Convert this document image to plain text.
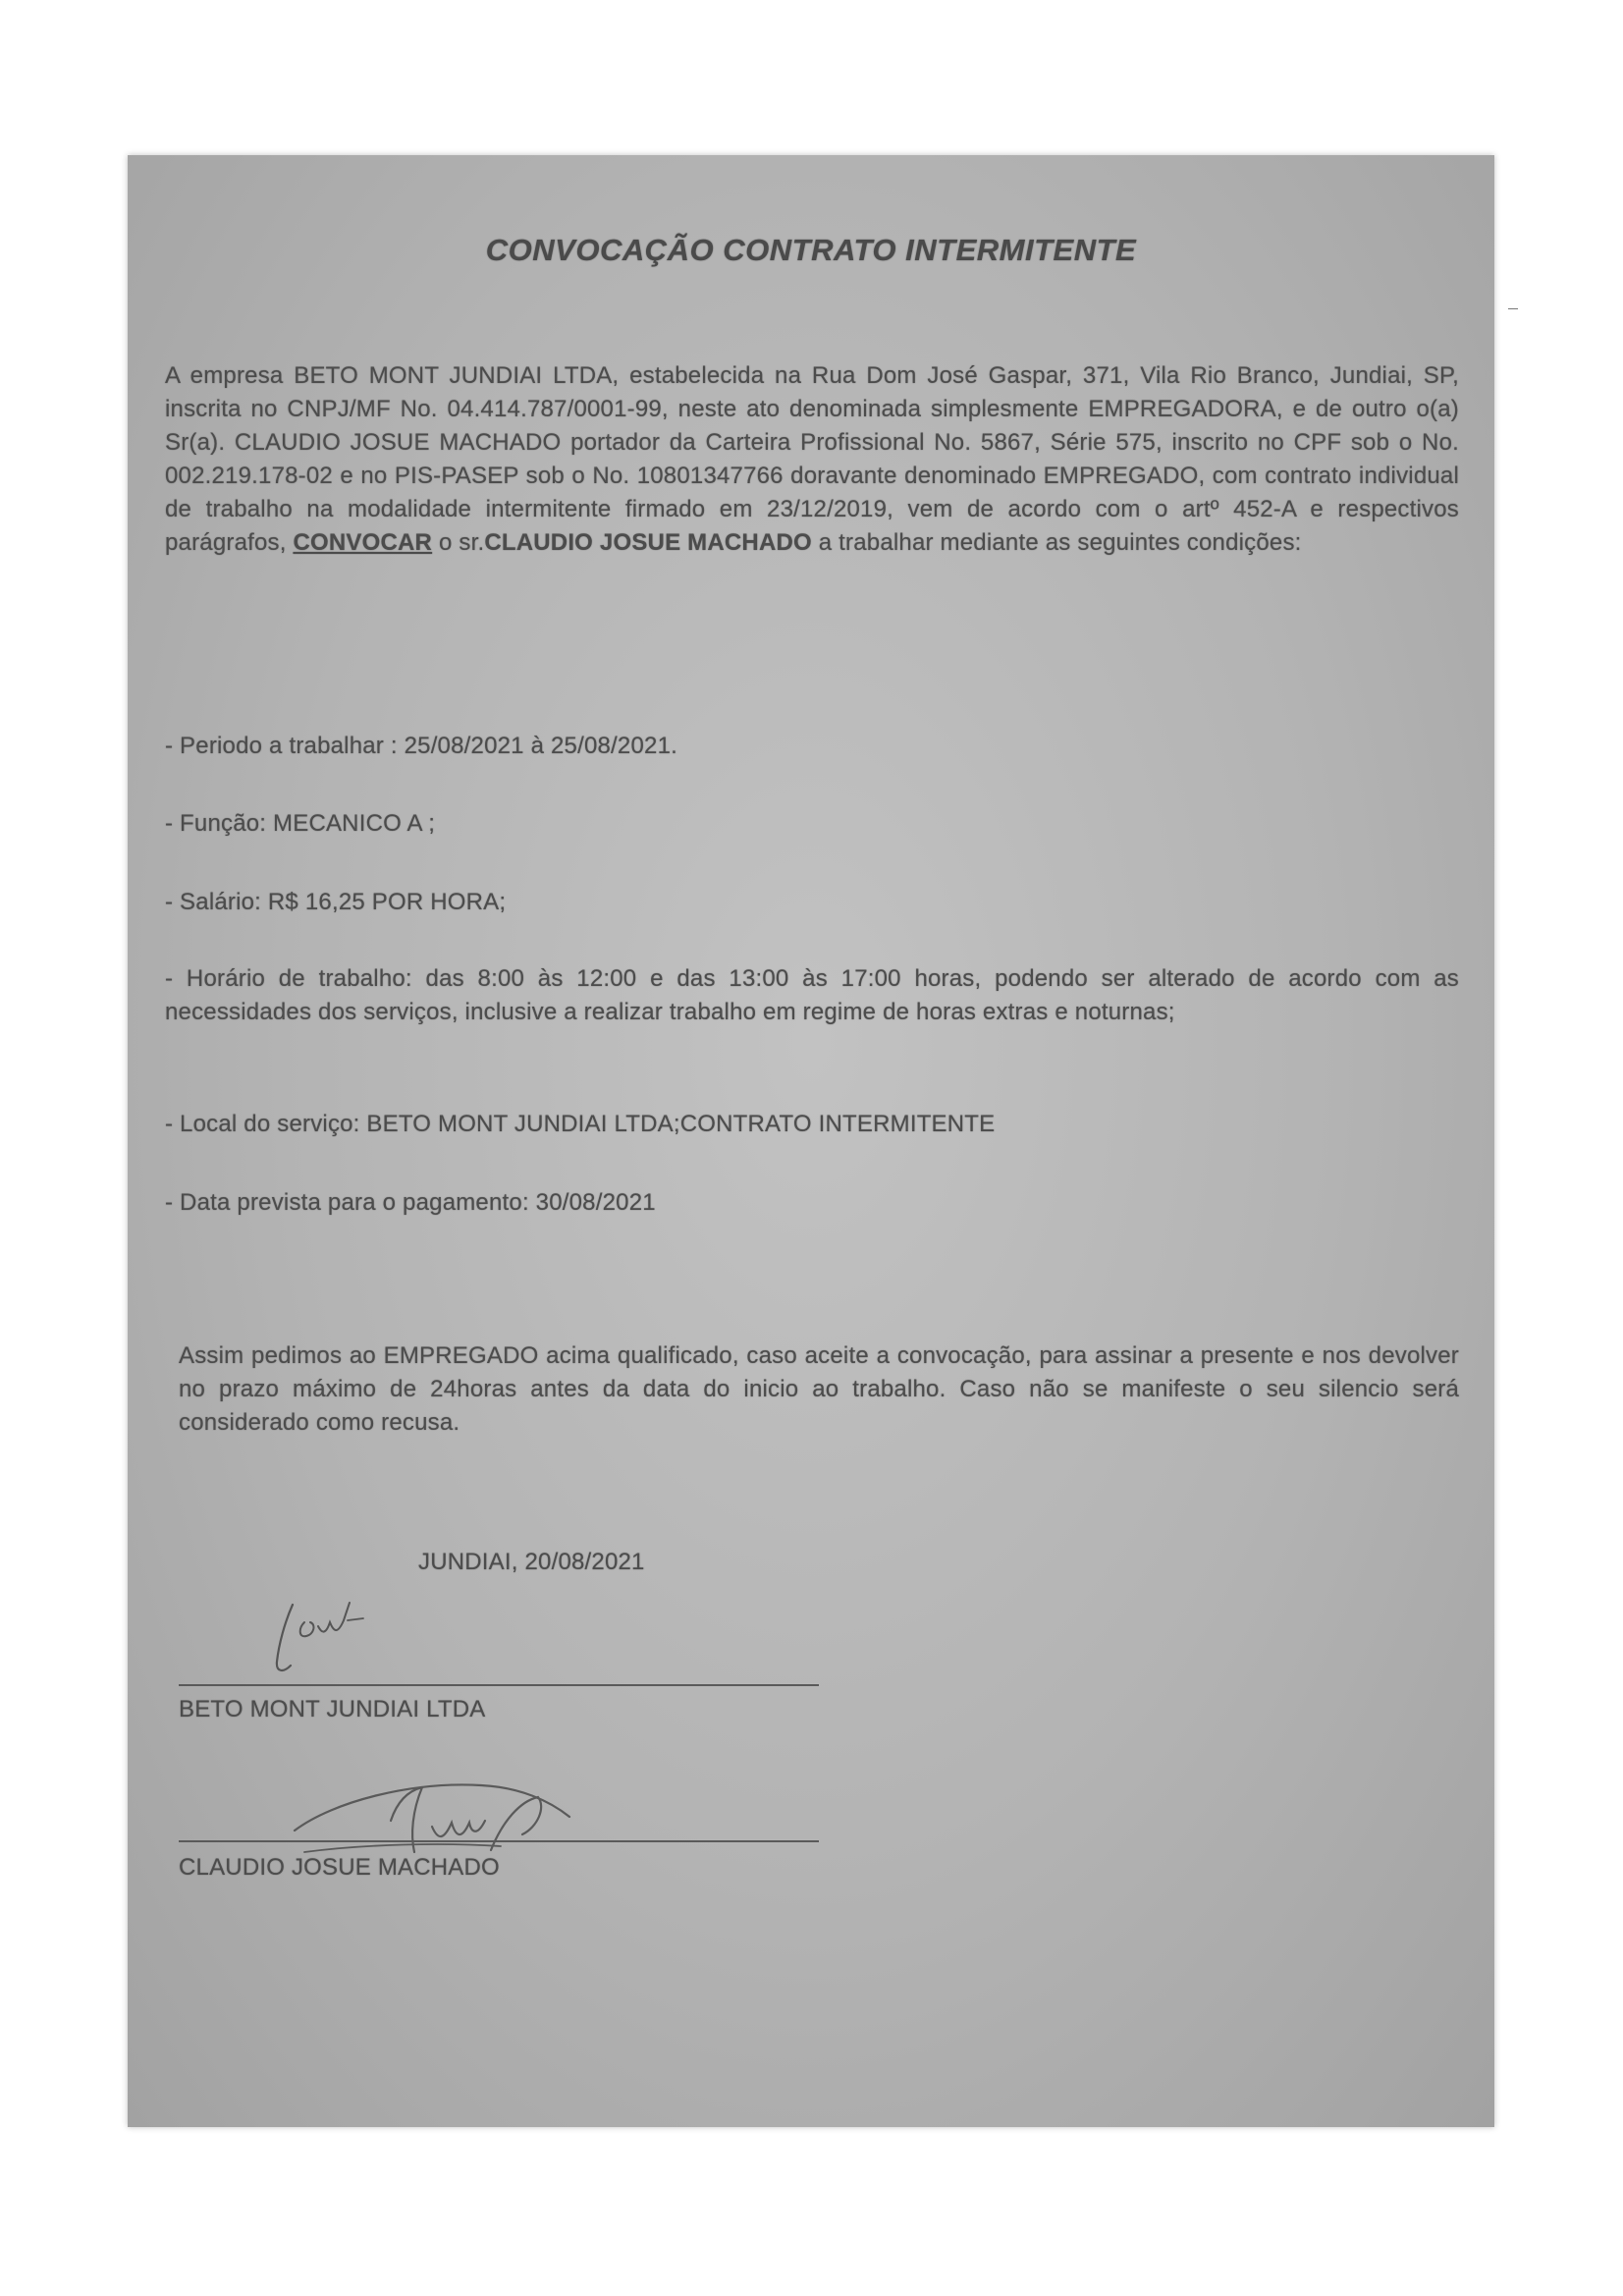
CONVOCAÇÃO CONTRATO INTERMITENTE

A empresa BETO MONT JUNDIAI LTDA, estabelecida na Rua Dom José Gaspar, 371, Vila Rio Branco, Jundiai, SP, inscrita no CNPJ/MF No. 04.414.787/0001-99, neste ato denominada simplesmente EMPREGADORA, e de outro o(a) Sr(a). CLAUDIO JOSUE MACHADO portador da Carteira Profissional No. 5867, Série 575, inscrito no CPF sob o No. 002.219.178-02 e no PIS-PASEP sob o No. 10801347766 doravante denominado EMPREGADO, com contrato individual de trabalho na modalidade intermitente firmado em 23/12/2019, vem de acordo com o artº 452-A e respectivos parágrafos, CONVOCAR o sr.CLAUDIO JOSUE MACHADO a trabalhar mediante as seguintes condições:

- Periodo a trabalhar : 25/08/2021 à 25/08/2021.

- Função: MECANICO A ;

- Salário: R$ 16,25 POR HORA;

- Horário de trabalho: das 8:00 às 12:00 e das 13:00 às 17:00 horas, podendo ser alterado de acordo com as necessidades dos serviços, inclusive a realizar trabalho em regime de horas extras e noturnas;

- Local do serviço: BETO MONT JUNDIAI LTDA;CONTRATO INTERMITENTE

- Data prevista para o pagamento: 30/08/2021

Assim pedimos ao EMPREGADO acima qualificado, caso aceite a convocação, para assinar a presente e nos devolver no prazo máximo de 24horas antes da data do inicio ao trabalho. Caso não se manifeste o seu silencio será considerado como recusa.

JUNDIAI, 20/08/2021

BETO MONT JUNDIAI LTDA

CLAUDIO JOSUE MACHADO
